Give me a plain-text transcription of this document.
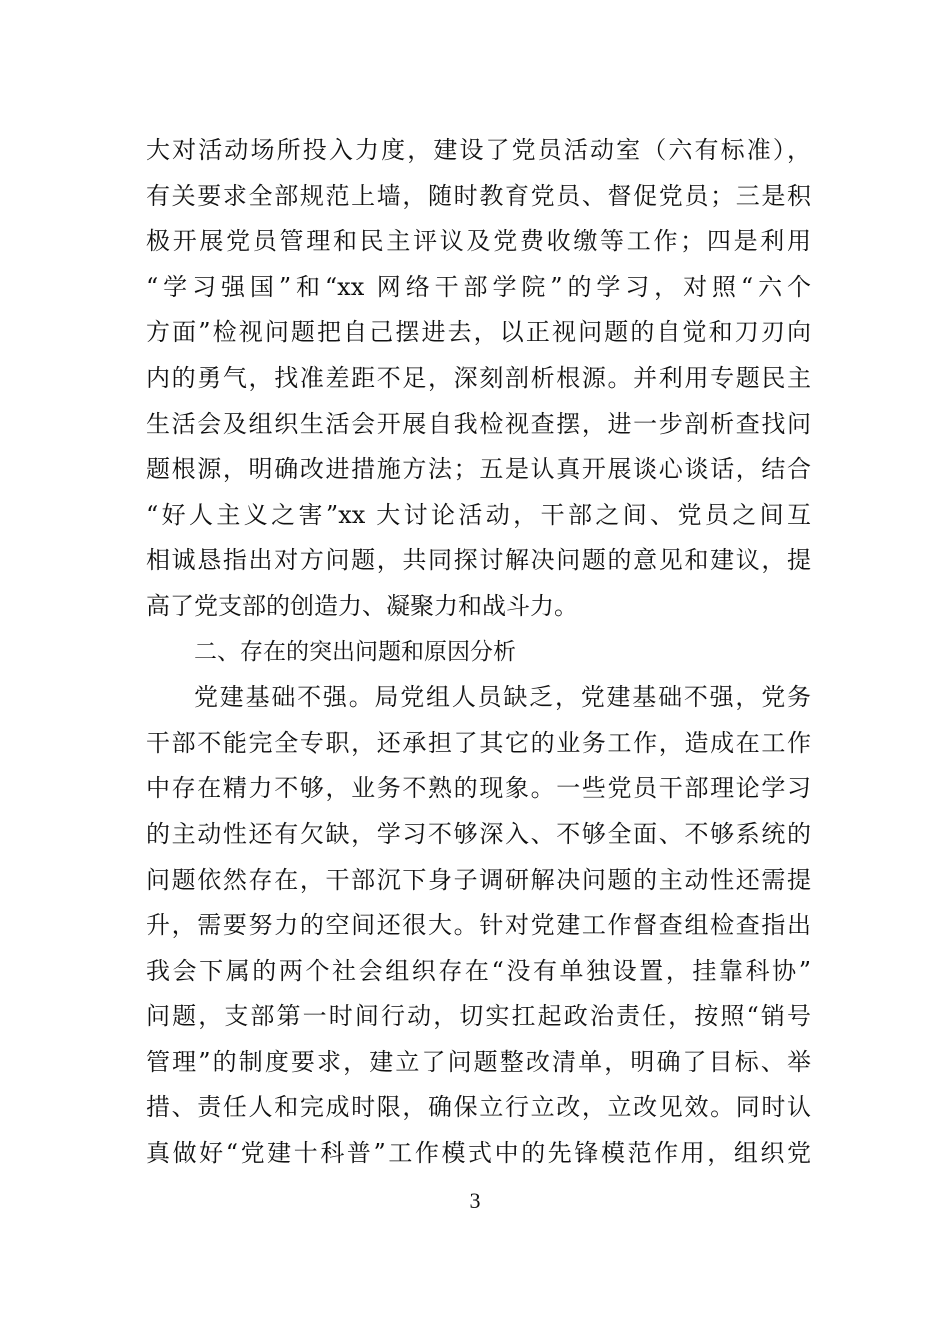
大对活动场所投入力度，建设了党员活动室（六有标准），
有关要求全部规范上墙，随时教育党员、督促党员；三是积
极开展党员管理和民主评议及党费收缴等工作；四是利用
“学习强国”和“xx 网络干部学院”的学习，对照“六个
方面”检视问题把自己摆进去，以正视问题的自觉和刀刃向
内的勇气，找准差距不足，深刻剖析根源。并利用专题民主
生活会及组织生活会开展自我检视查摆，进一步剖析查找问
题根源，明确改进措施方法；五是认真开展谈心谈话，结合
“好人主义之害”xx 大讨论活动，干部之间、党员之间互
相诚恳指出对方问题，共同探讨解决问题的意见和建议，提
高了党支部的创造力、凝聚力和战斗力。
二、存在的突出问题和原因分析
党建基础不强。局党组人员缺乏，党建基础不强，党务
干部不能完全专职，还承担了其它的业务工作，造成在工作
中存在精力不够，业务不熟的现象。一些党员干部理论学习
的主动性还有欠缺，学习不够深入、不够全面、不够系统的
问题依然存在，干部沉下身子调研解决问题的主动性还需提
升，需要努力的空间还很大。针对党建工作督查组检查指出
我会下属的两个社会组织存在“没有单独设置，挂靠科协”
问题，支部第一时间行动，切实扛起政治责任，按照“销号
管理”的制度要求，建立了问题整改清单，明确了目标、举
措、责任人和完成时限，确保立行立改，立改见效。同时认
真做好“党建十科普”工作模式中的先锋模范作用，组织党
3
